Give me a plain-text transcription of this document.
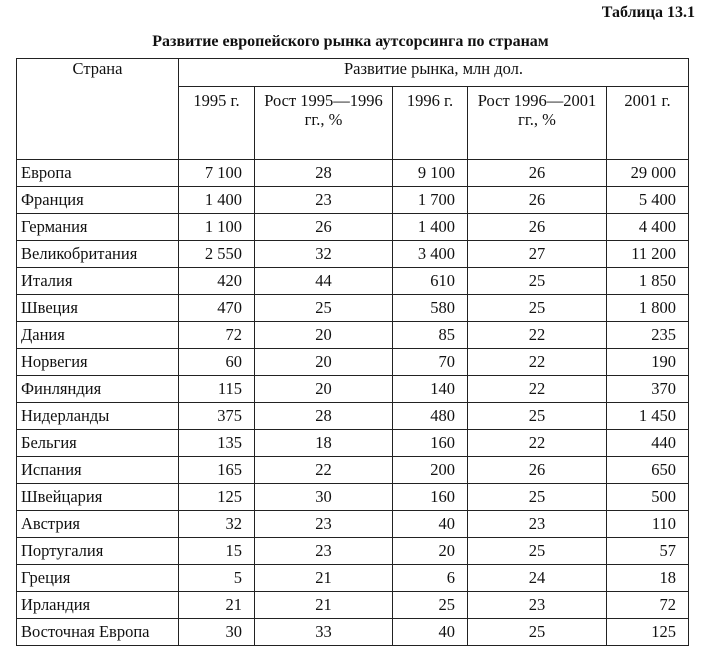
Таблица 13.1
Развитие европейского рынка аутсорсинга по странам
Страна	Развитие рынка, млн дол.				
	1995 г.	Рост 1995—1996 гг., %	1996 г.	Рост 1996—2001 гг., %	2001 г.
Европа	7 100	28	9 100	26	29 000
Франция	1 400	23	1 700	26	5 400
Германия	1 100	26	1 400	26	4 400
Великобритания	2 550	32	3 400	27	11 200
Италия	420	44	610	25	1 850
Швеция	470	25	580	25	1 800
Дания	72	20	85	22	235
Норвегия	60	20	70	22	190
Финляндия	115	20	140	22	370
Нидерланды	375	28	480	25	1 450
Бельгия	135	18	160	22	440
Испания	165	22	200	26	650
Швейцария	125	30	160	25	500
Австрия	32	23	40	23	110
Португалия	15	23	20	25	57
Греция	5	21	6	24	18
Ирландия	21	21	25	23	72
Восточная Европа	30	33	40	25	125
